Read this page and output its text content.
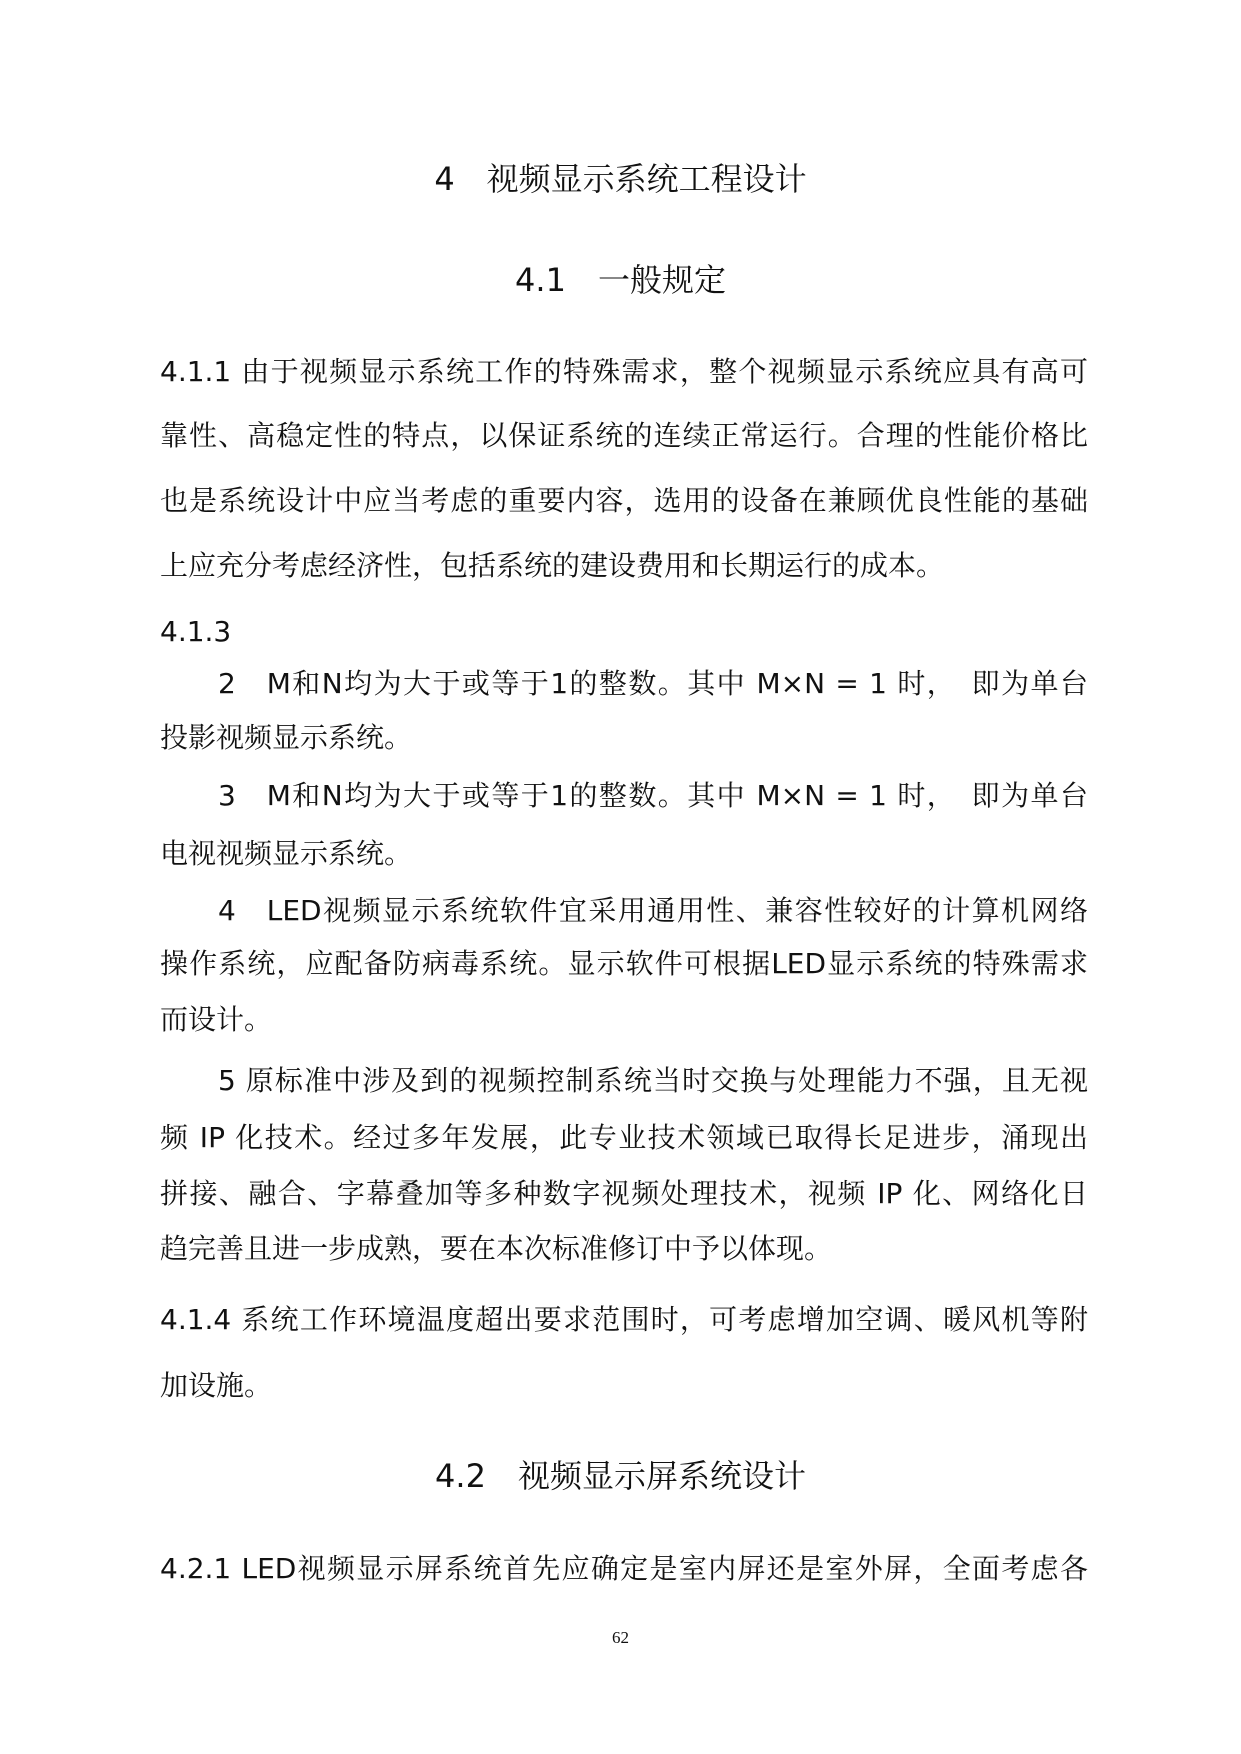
4　视频显示系统工程设计
4.1　一般规定
4.1.1 由于视频显示系统工作的特殊需求，整个视频显示系统应具有高可
靠性、高稳定性的特点，以保证系统的连续正常运行。合理的性能价格比
也是系统设计中应当考虑的重要内容，选用的设备在兼顾优良性能的基础
上应充分考虑经济性，包括系统的建设费用和长期运行的成本。
4.1.3
2　M和N均为大于或等于1的整数。其中 M×N = 1 时，　即为单台
投影视频显示系统。
3　M和N均为大于或等于1的整数。其中 M×N = 1 时，　即为单台
电视视频显示系统。
4　LED视频显示系统软件宜采用通用性、兼容性较好的计算机网络
操作系统，应配备防病毒系统。显示软件可根据LED显示系统的特殊需求
而设计。
5 原标准中涉及到的视频控制系统当时交换与处理能力不强，且无视
频 IP 化技术。经过多年发展，此专业技术领域已取得长足进步，涌现出
拼接、融合、字幕叠加等多种数字视频处理技术，视频 IP 化、网络化日
趋完善且进一步成熟，要在本次标准修订中予以体现。
4.1.4 系统工作环境温度超出要求范围时，可考虑增加空调、暖风机等附
加设施。
4.2　视频显示屏系统设计
4.2.1 LED视频显示屏系统首先应确定是室内屏还是室外屏，全面考虑各
62
